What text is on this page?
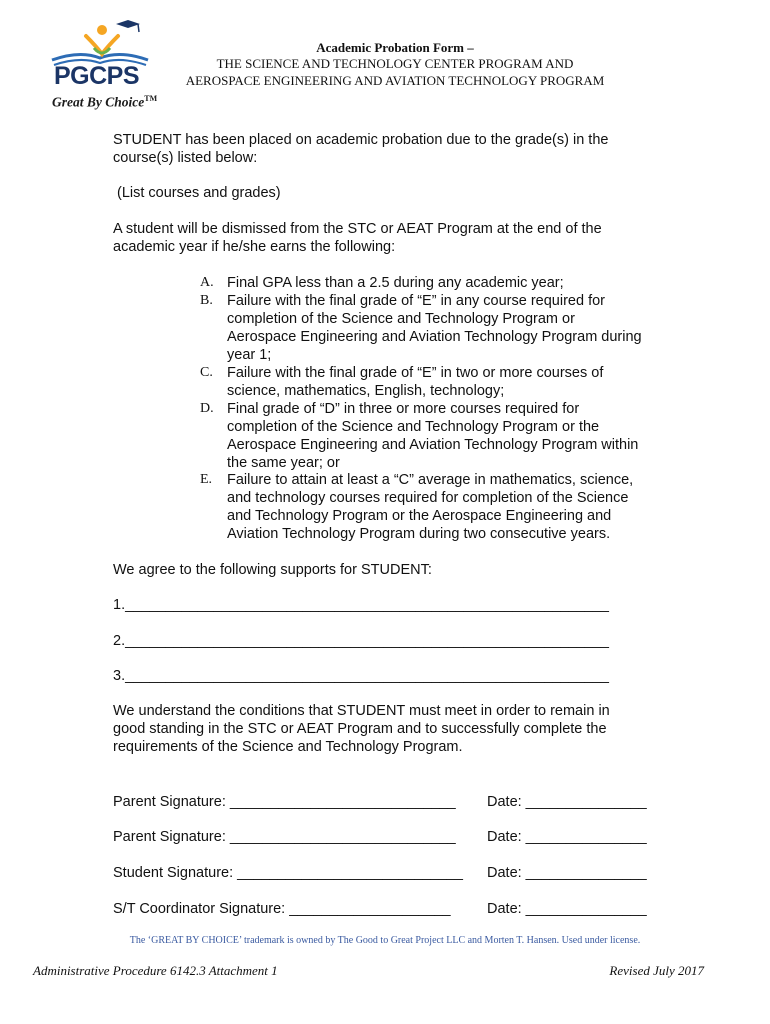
PGCPS
Great By Choice™
Academic Probation Form –
THE SCIENCE AND TECHNOLOGY CENTER PROGRAM AND
AEROSPACE ENGINEERING AND AVIATION TECHNOLOGY PROGRAM
STUDENT has been placed on academic probation due to the grade(s) in the
course(s) listed below:
(List courses and grades)
A student will be dismissed from the STC or AEAT Program at the end of the
academic year if he/she earns the following:
A. Final GPA less than a 2.5 during any academic year;
B. Failure with the final grade of “E” in any course required for
completion of the Science and Technology Program or
Aerospace Engineering and Aviation Technology Program during
year 1;
C. Failure with the final grade of “E” in two or more courses of
science, mathematics, English, technology;
D. Final grade of “D” in three or more courses required for
completion of the Science and Technology Program or the
Aerospace Engineering and Aviation Technology Program within
the same year; or
E. Failure to attain at least a “C” average in mathematics, science,
and technology courses required for completion of the Science
and Technology Program or the Aerospace Engineering and
Aviation Technology Program during two consecutive years.
We agree to the following supports for STUDENT:
1.____________________________________________________________
2.____________________________________________________________
3.____________________________________________________________
We understand the conditions that STUDENT must meet in order to remain in
good standing in the STC or AEAT Program and to successfully complete the
requirements of the Science and Technology Program.
Parent Signature: ____________________________ Date: _______________
Parent Signature: ____________________________ Date: _______________
Student Signature: ____________________________ Date: _______________
S/T Coordinator Signature: ____________________	Date: _______________
The ‘GREAT BY CHOICE’ trademark is owned by The Good to Great Project LLC and Morten T. Hansen. Used under license.
Administrative Procedure 6142.3 Attachment 1	Revised July 2017
